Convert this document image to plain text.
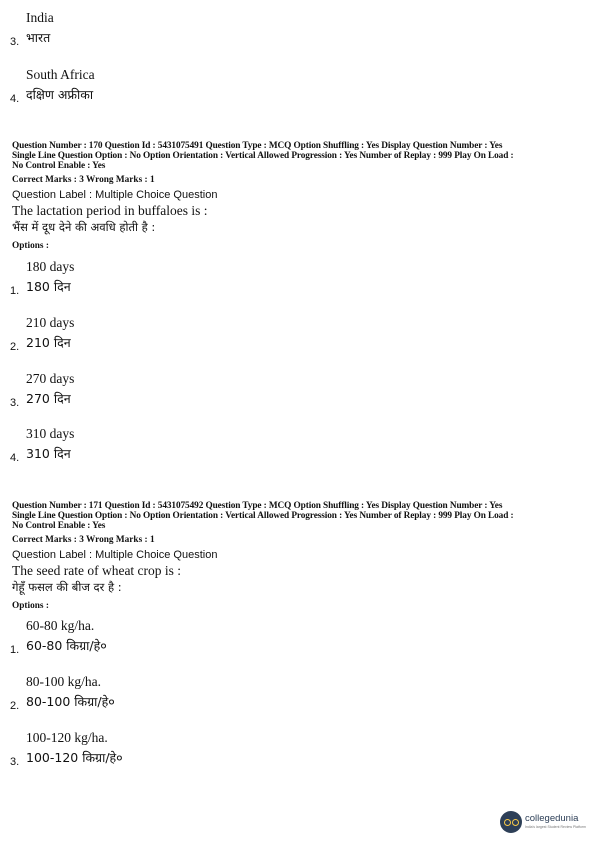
India
3. भारत
South Africa
4. दक्षिण अफ्रीका
Question Number : 170 Question Id : 5431075491 Question Type : MCQ Option Shuffling : Yes Display Question Number : Yes
Single Line Question Option : No Option Orientation : Vertical Allowed Progression : Yes Number of Replay : 999 Play On Load :
No Control Enable : Yes
Correct Marks : 3 Wrong Marks : 1
Question Label : Multiple Choice Question
The lactation period in buffaloes is :
भैंस में दूध देने की अवधि होती है :
Options :
180 days
1. 180 दिन
210 days
2. 210 दिन
270 days
3. 270 दिन
310 days
4. 310 दिन
Question Number : 171 Question Id : 5431075492 Question Type : MCQ Option Shuffling : Yes Display Question Number : Yes
Single Line Question Option : No Option Orientation : Vertical Allowed Progression : Yes Number of Replay : 999 Play On Load :
No Control Enable : Yes
Correct Marks : 3 Wrong Marks : 1
Question Label : Multiple Choice Question
The seed rate of wheat crop is :
गेहूँ फसल की बीज दर है :
Options :
60-80 kg/ha.
1. 60-80 किग्रा/हे०
80-100 kg/ha.
2. 80-100 किग्रा/हे०
100-120 kg/ha.
3. 100-120 किग्रा/हे०
collegedunia
India's largest Student Review Platform
